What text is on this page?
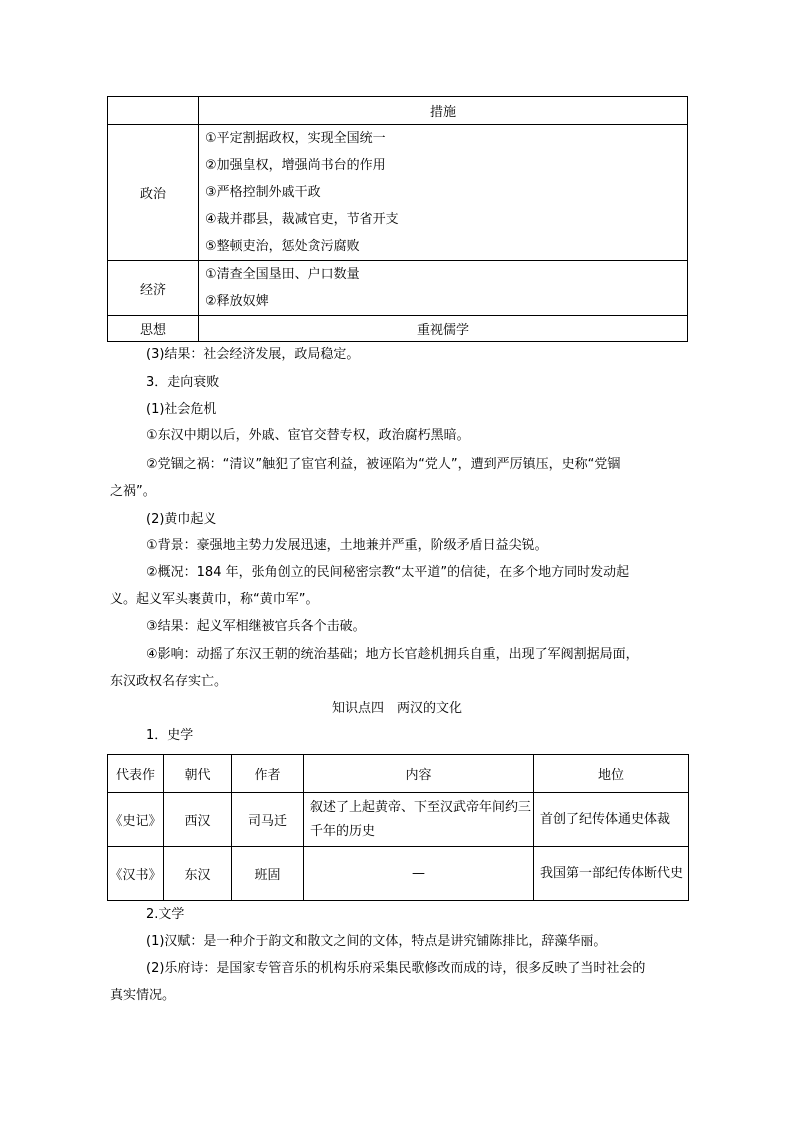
	措施
政治	①平定割据政权，实现全国统一
②加强皇权，增强尚书台的作用
③严格控制外戚干政
④裁并郡县，裁减官吏，节省开支
⑤整顿吏治，惩处贪污腐败

经济	①清查全国垦田、户口数量
②释放奴婢

思想	重视儒学
(3)结果：社会经济发展，政局稳定。
3．走向衰败
(1)社会危机
①东汉中期以后，外戚、宦官交替专权，政治腐朽黑暗。
②党锢之祸：“清议”触犯了宦官利益，被诬陷为“党人”，遭到严厉镇压，史称“党锢
之祸”。
(2)黄巾起义
①背景：豪强地主势力发展迅速，土地兼并严重，阶级矛盾日益尖锐。
②概况：184 年，张角创立的民间秘密宗教“太平道”的信徒，在多个地方同时发动起
义。起义军头裹黄巾，称“黄巾军”。
③结果：起义军相继被官兵各个击破。
④影响：动摇了东汉王朝的统治基础；地方长官趁机拥兵自重，出现了军阀割据局面，
东汉政权名存实亡。
知识点四　两汉的文化
1．史学
代表作	朝代	作者	内容	地位
《史记》	西汉	司马迁	叙述了上起黄帝、下至汉武帝年间约三千年的历史	首创了纪传体通史体裁
《汉书》	东汉	班固	—	我国第一部纪传体断代史
2.文学
(1)汉赋：是一种介于韵文和散文之间的文体，特点是讲究铺陈排比，辞藻华丽。
(2)乐府诗：是国家专管音乐的机构乐府采集民歌修改而成的诗，很多反映了当时社会的
真实情况。
